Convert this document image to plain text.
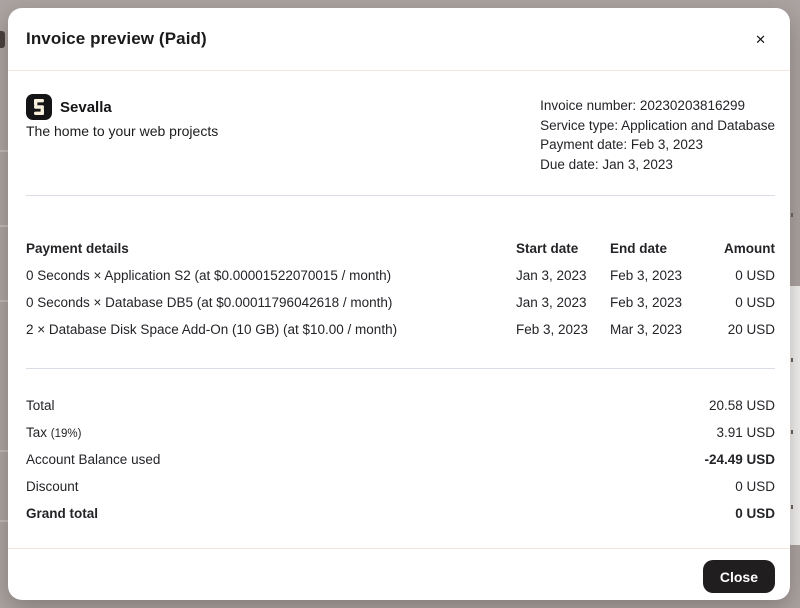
Invoice preview (Paid)	✕
Sevalla
The home to your web projects
Invoice number: 20230203816299
Service type: Application and Database
Payment date: Feb 3, 2023
Due date: Jan 3, 2023
Payment details	Start date	End date	Amount
0 Seconds × Application S2 (at $0.00001522070015 / month)	Jan 3, 2023	Feb 3, 2023	0 USD
0 Seconds × Database DB5 (at $0.00011796042618 / month)	Jan 3, 2023	Feb 3, 2023	0 USD
2 × Database Disk Space Add-On (10 GB) (at $10.00 / month)	Feb 3, 2023	Mar 3, 2023	20 USD
Total	20.58 USD
Tax (19%)	3.91 USD
Account Balance used	-24.49 USD
Discount	0 USD
Grand total	0 USD
Close
